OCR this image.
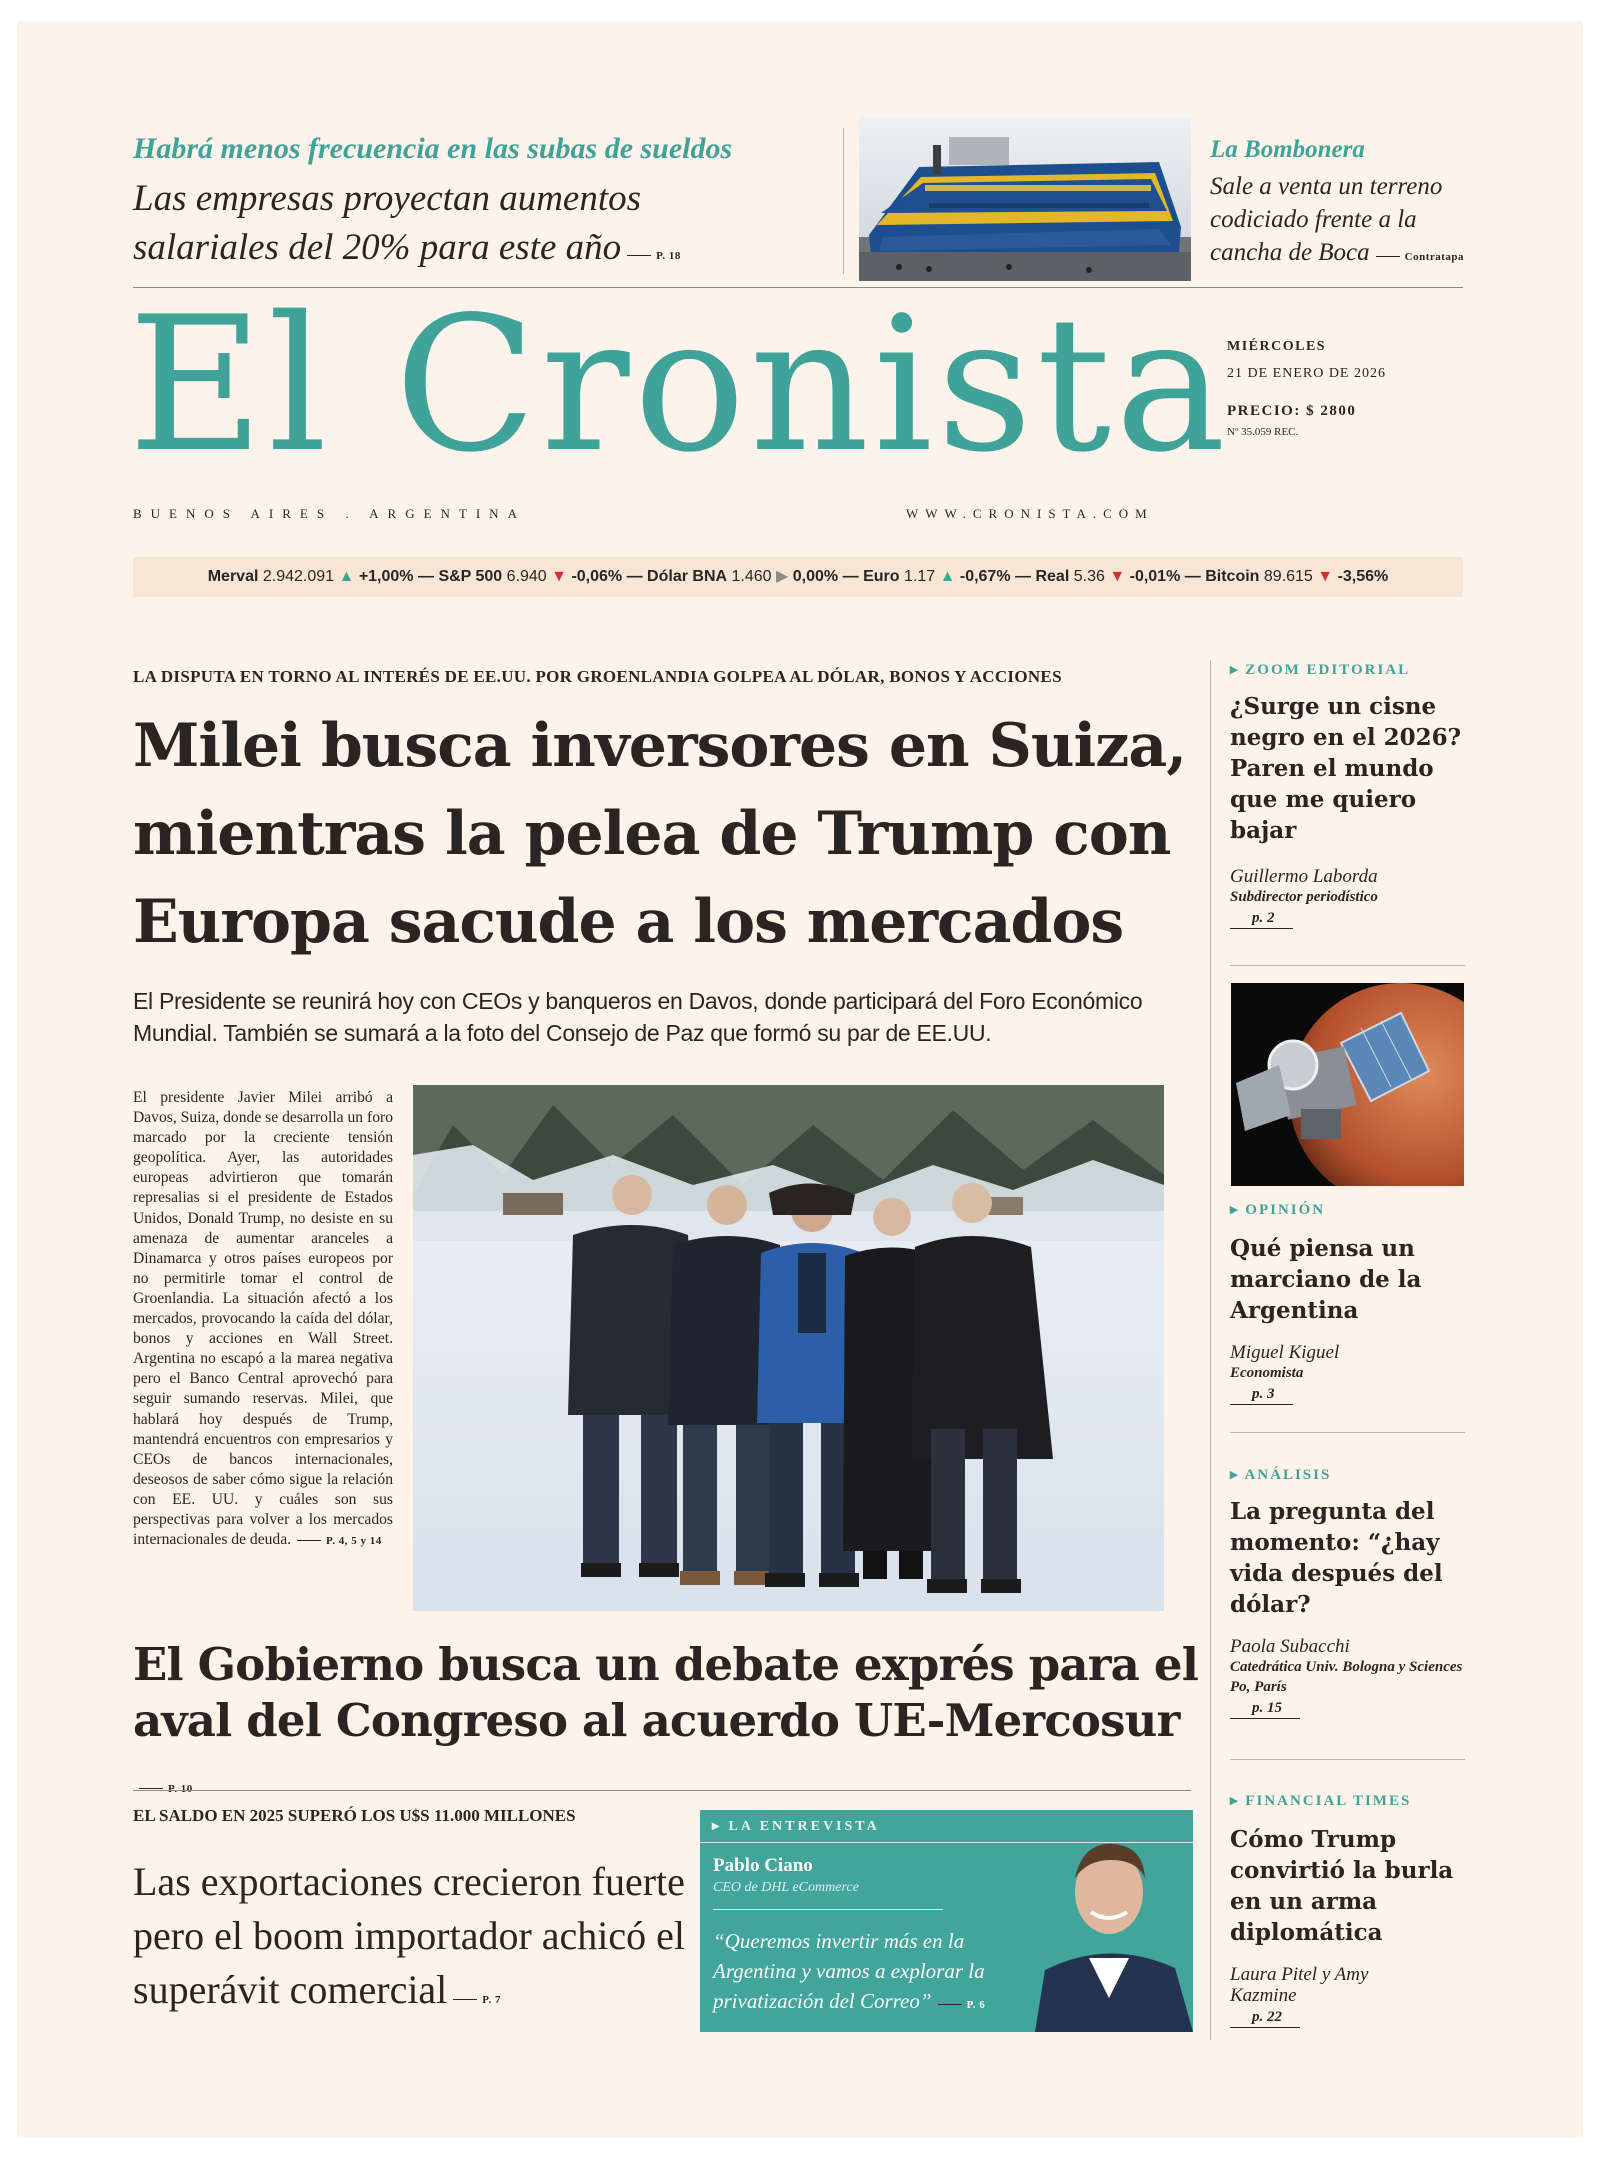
Habrá menos frecuencia en las subas de sueldos
Las empresas proyectan aumentos salariales del 20% para este año	P. 18
La Bombonera
Sale a venta un terreno codiciado frente a la cancha de Boca	Contratapa
El Cronista
MIÉRCOLES
21 DE ENERO DE 2026
PRECIO: $ 2800
Nº 35.059 REC.
BUENOS AIRES . ARGENTINA	WWW.CRONISTA.COM
Merval 2.942.091 ▲ +1,00% — S&P 500 6.940 ▼ -0,06% — Dólar BNA 1.460 ▶ 0,00% — Euro 1.17 ▲ -0,67% — Real 5.36 ▼ -0,01% — Bitcoin 89.615 ▼ -3,56%
LA DISPUTA EN TORNO AL INTERÉS DE EE.UU. POR GROENLANDIA GOLPEA AL DÓLAR, BONOS Y ACCIONES
Milei busca inversores en Suiza, mientras la pelea de Trump con Europa sacude a los mercados
El Presidente se reunirá hoy con CEOs y banqueros en Davos, donde participará del Foro Económico Mundial. También se sumará a la foto del Consejo de Paz que formó su par de EE.UU.
El presidente Javier Milei arribó a Davos, Suiza, donde se desarrolla un foro marcado por la creciente tensión geopolítica. Ayer, las autoridades europeas advirtieron que tomarán represalias si el presidente de Estados Unidos, Donald Trump, no desiste en su amenaza de aumentar aranceles a Dinamarca y otros países europeos por no permitirle tomar el control de Groenlandia. La situación afectó a los mercados, provocando la caída del dólar, bonos y acciones en Wall Street. Argentina no escapó a la marea negativa pero el Banco Central aprovechó para seguir sumando reservas. Milei, que hablará hoy después de Trump, mantendrá encuentros con empresarios y CEOs de bancos internacionales, deseosos de saber cómo sigue la relación con EE. UU. y cuáles son sus perspectivas para volver a los mercados internacionales de deuda.	P. 4, 5 y 14
El Gobierno busca un debate exprés para el aval del Congreso al acuerdo UE-MercosurP. 10
EL SALDO EN 2025 SUPERÓ LOS U$S 11.000 MILLONES
Las exportaciones crecieron fuerte pero el boom importador achicó el superávit comercial	P. 7
▸ LA ENTREVISTA
Pablo Ciano
CEO de DHL eCommerce
“Queremos invertir más en la Argentina y vamos a explorar la privatización del Correo”	P. 6
▸ ZOOM EDITORIAL
¿Surge un cisne negro en el 2026? Paren el mundo que me quiero bajar
Guillermo Laborda
Subdirector periodístico
p. 2
▸ OPINIÓN
Qué piensa un marciano de la Argentina
Miguel Kiguel
Economista
p. 3
▸ ANÁLISIS
La pregunta del momento: “¿hay vida después del dólar?
Paola Subacchi
Catedrática Univ. Bologna y Sciences Po, París
p. 15
▸ FINANCIAL TIMES
Cómo Trump convirtió la burla en un arma diplomática
Laura Pitel y Amy Kazmine
p. 22
